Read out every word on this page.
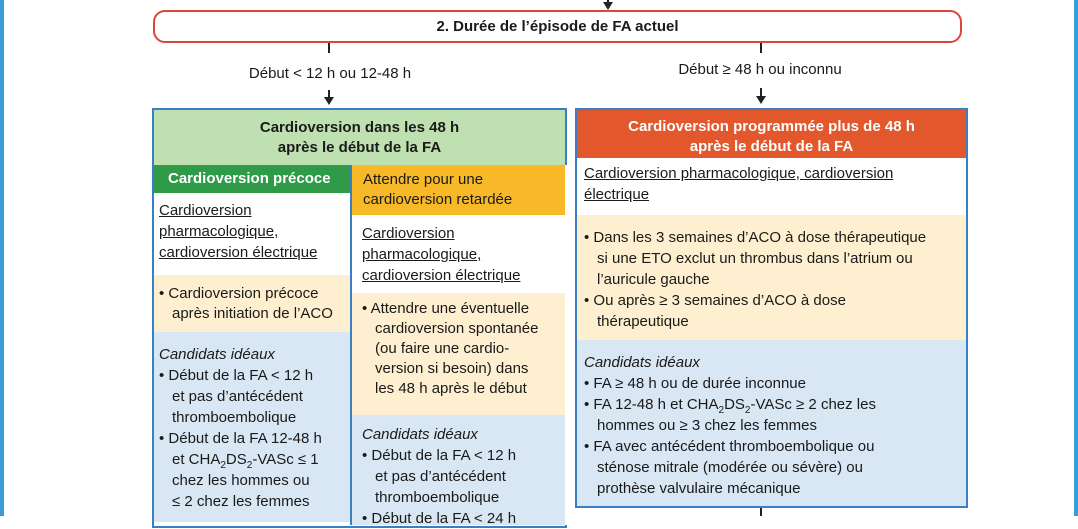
2. Durée de l’épisode de FA actuel
Début < 12 h ou 12-48 h	Début ≥ 48 h ou inconnu
Cardioversion dans les 48 h
après le début de la FA
Cardioversion précoce
Cardioversion
pharmacologique,
cardioversion électrique
• Cardioversion précoce
après initiation de l’ACO
Candidats idéaux
• Début de la FA < 12 h
et pas d’antécédent
thromboembolique
• Début de la FA 12-48 h
et $CHA_2DS_2$-VASc ≤ 1
chez les hommes ou
≤ 2 chez les femmes
Attendre pour une
cardioversion retardée
Cardioversion
pharmacologique,
cardioversion électrique
• Attendre une éventuelle
cardioversion spontanée
(ou faire une cardio-
version si besoin) dans
les 48 h après le début
Candidats idéaux
• Début de la FA < 12 h
et pas d’antécédent
thromboembolique
• Début de la FA < 24 h
Cardioversion programmée plus de 48 h
après le début de la FA
Cardioversion pharmacologique, cardioversion
électrique
• Dans les 3 semaines d’ACO à dose thérapeutique
si une ETO exclut un thrombus dans l’atrium ou
l’auricule gauche
• Ou après ≥ 3 semaines d’ACO à dose
thérapeutique
Candidats idéaux
• FA ≥ 48 h ou de durée inconnue
• FA 12-48 h et $CHA_2DS_2$-VASc ≥ 2 chez les
hommes ou ≥ 3 chez les femmes
• FA avec antécédent thromboembolique ou
sténose mitrale (modérée ou sévère) ou
prothèse valvulaire mécanique
